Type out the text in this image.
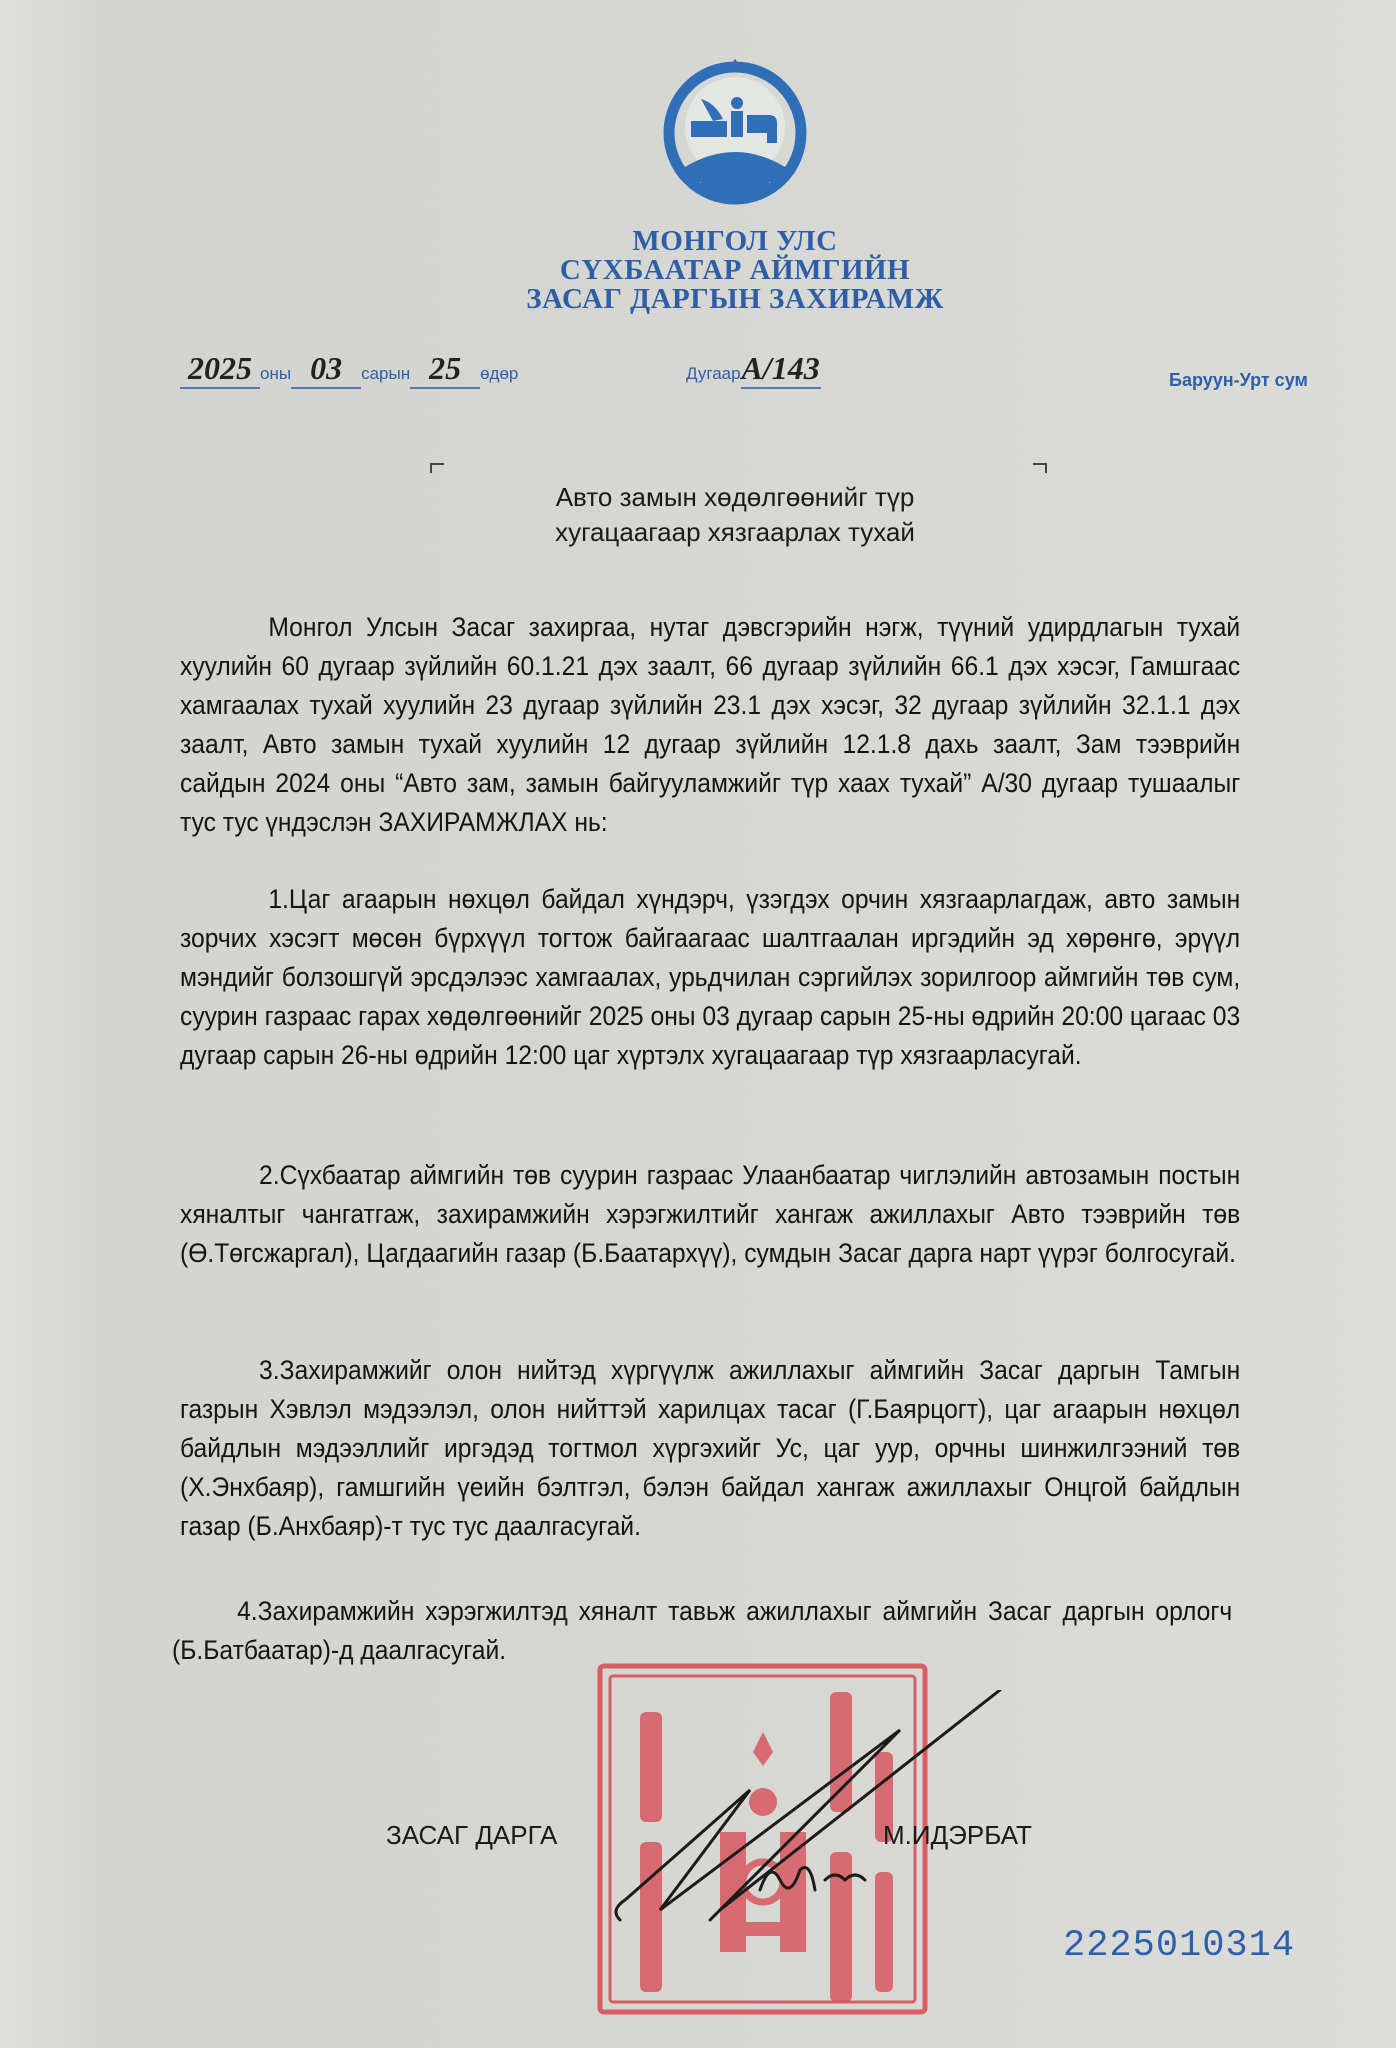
МОНГОЛ УЛС
СҮХБААТАР АЙМГИЙН
ЗАСАГ ДАРГЫН ЗАХИРАМЖ
2025 оны 03 сарын 25 өдөр	ДугаарА/143	Баруун-Урт сум
Авто замын хөдөлгөөнийг түр
хугацаагаар хязгаарлах тухай
Монгол Улсын Засаг захиргаа, нутаг дэвсгэрийн нэгж, түүний удирдлагын тухай хуулийн 60 дугаар зүйлийн 60.1.21 дэх заалт, 66 дугаар зүйлийн 66.1 дэх хэсэг, Гамшгаас хамгаалах тухай хуулийн 23 дугаар зүйлийн 23.1 дэх хэсэг, 32 дугаар зүйлийн 32.1.1 дэх заалт, Авто замын тухай хуулийн 12 дугаар зүйлийн 12.1.8 дахь заалт, Зам тээврийн сайдын 2024 оны “Авто зам, замын байгууламжийг түр хаах тухай” А/30 дугаар тушаалыг тус тус үндэслэн ЗАХИРАМЖЛАХ нь:
1.Цаг агаарын нөхцөл байдал хүндэрч, үзэгдэх орчин хязгаарлагдаж, авто замын зорчих хэсэгт мөсөн бүрхүүл тогтож байгаагаас шалтгаалан иргэдийн эд хөрөнгө, эрүүл мэндийг болзошгүй эрсдэлээс хамгаалах, урьдчилан сэргийлэх зорилгоор аймгийн төв сум, суурин газраас гарах хөдөлгөөнийг 2025 оны 03 дугаар сарын 25-ны өдрийн 20:00 цагаас 03 дугаар сарын 26-ны өдрийн 12:00 цаг хүртэлх хугацаагаар түр хязгаарласугай.
2.Сүхбаатар аймгийн төв суурин газраас Улаанбаатар чиглэлийн автозамын постын хяналтыг чангатгаж, захирамжийн хэрэгжилтийг хангаж ажиллахыг Авто тээврийн төв (Ө.Төгсжаргал), Цагдаагийн газар (Б.Баатархүү), сумдын Засаг дарга нарт үүрэг болгосугай.
3.Захирамжийг олон нийтэд хүргүүлж ажиллахыг аймгийн Засаг даргын Тамгын газрын Хэвлэл мэдээлэл, олон нийттэй харилцах тасаг (Г.Баярцогт), цаг агаарын нөхцөл байдлын мэдээллийг иргэдэд тогтмол хүргэхийг Ус, цаг уур, орчны шинжилгээний төв (Х.Энхбаяр), гамшгийн үеийн бэлтгэл, бэлэн байдал хангаж ажиллахыг Онцгой байдлын газар (Б.Анхбаяр)-т тус тус даалгасугай.
4.Захирамжийн хэрэгжилтэд хяналт тавьж ажиллахыг аймгийн Засаг даргын орлогч (Б.Батбаатар)-д даалгасугай.
ЗАСАГ ДАРГА	М.ИДЭРБАТ
2225010314
